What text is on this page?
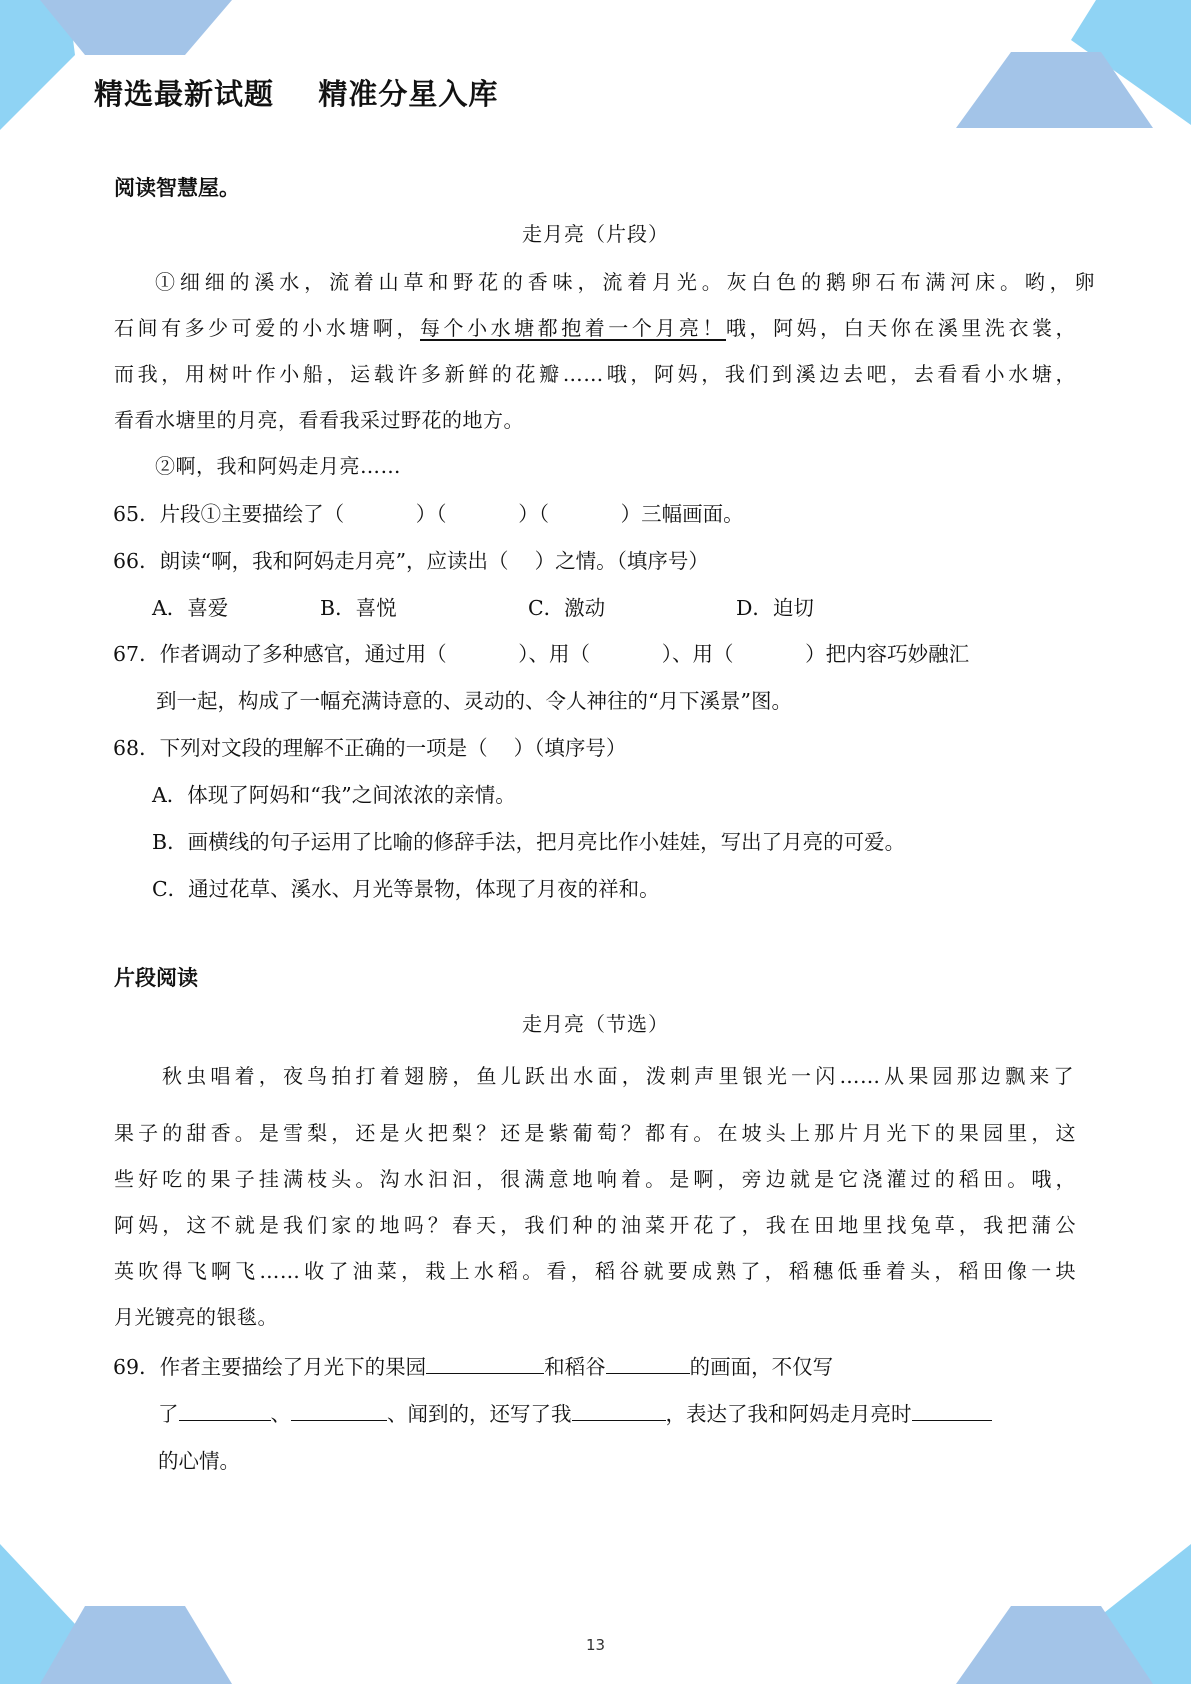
精选最新试题    精准分星入库
阅读智慧屋。
走月亮（片段）
①细细的溪水，流着山草和野花的香味，流着月光。灰白色的鹅卵石布满河床。哟，卵
石间有多少可爱的小水塘啊，每个小水塘都抱着一个月亮！哦，阿妈，白天你在溪里洗衣裳，
而我，用树叶作小船，运载许多新鲜的花瓣……哦，阿妈，我们到溪边去吧，去看看小水塘，
看看水塘里的月亮，看看我采过野花的地方。
②啊，我和阿妈走月亮……
65．片段①主要描绘了（           ）（           ）（           ）三幅画面。
66．朗读“啊，我和阿妈走月亮”，应读出（    ）之情。（填序号）
A．喜爱	B．喜悦	C．激动	D．迫切
67．作者调动了多种感官，通过用（           ）、用（           ）、用（           ）把内容巧妙融汇
到一起，构成了一幅充满诗意的、灵动的、令人神往的“月下溪景”图。
68．下列对文段的理解不正确的一项是（    ）（填序号）
A．体现了阿妈和“我”之间浓浓的亲情。
B．画横线的句子运用了比喻的修辞手法，把月亮比作小娃娃，写出了月亮的可爱。
C．通过花草、溪水、月光等景物，体现了月夜的祥和。
片段阅读
走月亮（节选）
秋虫唱着，夜鸟拍打着翅膀，鱼儿跃出水面，泼刺声里银光一闪……从果园那边飘来了
果子的甜香。是雪梨，还是火把梨？还是紫葡萄？都有。在坡头上那片月光下的果园里，这
些好吃的果子挂满枝头。沟水汩汩，很满意地响着。是啊，旁边就是它浇灌过的稻田。哦，
阿妈，这不就是我们家的地吗？春天，我们种的油菜开花了，我在田地里找兔草，我把蒲公
英吹得飞啊飞……收了油菜，栽上水稻。看，稻谷就要成熟了，稻穗低垂着头，稻田像一块
月光镀亮的银毯。
69．作者主要描绘了月光下的果园	和稻谷	的画面，不仅写
了	、	、闻到的，还写了我	，表达了我和阿妈走月亮时
的心情。
13
